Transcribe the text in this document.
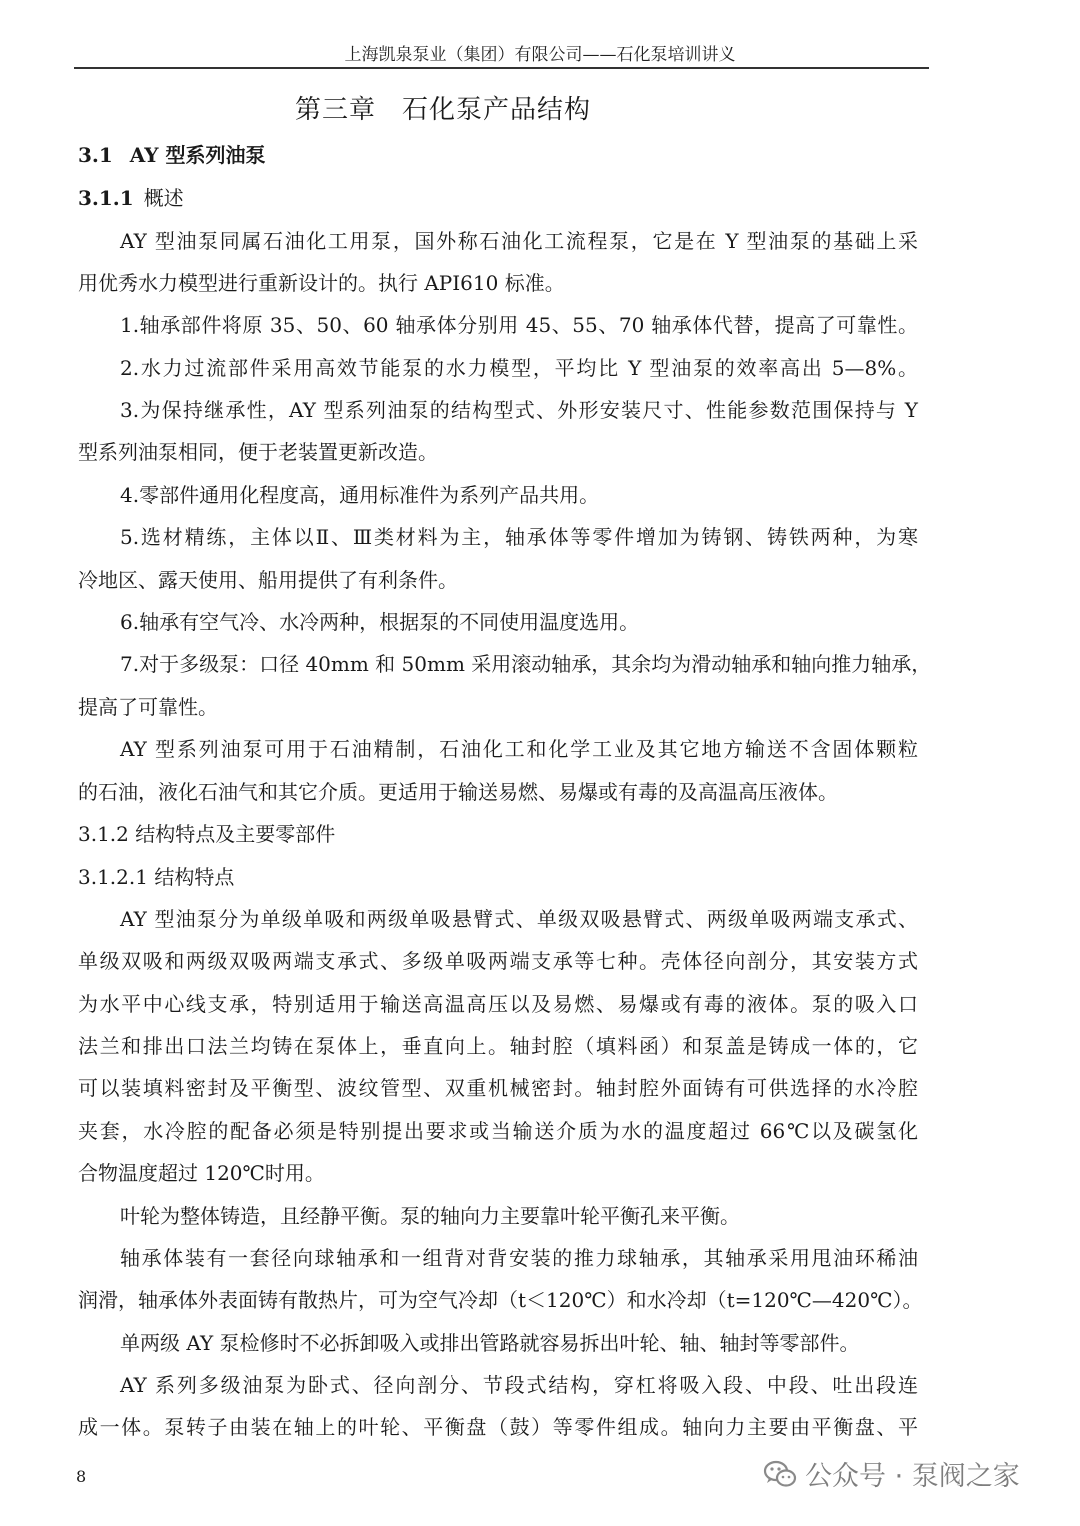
上海凯泉泵业（集团）有限公司——石化泵培训讲义
第三章 石化泵产品结构
3.1 AY 型系列油泵
3.1.1 概述
AY 型油泵同属石油化工用泵，国外称石油化工流程泵，它是在 Y 型油泵的基础上采
用优秀水力模型进行重新设计的。执行 API610 标准。
1.轴承部件将原 35、50、60 轴承体分别用 45、55、70 轴承体代替，提高了可靠性。
2.水力过流部件采用高效节能泵的水力模型，平均比 Y 型油泵的效率高出 5—8%。
3.为保持继承性，AY 型系列油泵的结构型式、外形安装尺寸、性能参数范围保持与 Y
型系列油泵相同，便于老装置更新改造。
4.零部件通用化程度高，通用标准件为系列产品共用。
5.选材精练，主体以Ⅱ、Ⅲ类材料为主，轴承体等零件增加为铸钢、铸铁两种，为寒
冷地区、露天使用、船用提供了有利条件。
6.轴承有空气冷、水冷两种，根据泵的不同使用温度选用。
7.对于多级泵：口径 40mm 和 50mm 采用滚动轴承，其余均为滑动轴承和轴向推力轴承，
提高了可靠性。
AY 型系列油泵可用于石油精制，石油化工和化学工业及其它地方输送不含固体颗粒
的石油，液化石油气和其它介质。更适用于输送易燃、易爆或有毒的及高温高压液体。
3.1.2 结构特点及主要零部件
3.1.2.1 结构特点
AY 型油泵分为单级单吸和两级单吸悬臂式、单级双吸悬臂式、两级单吸两端支承式、
单级双吸和两级双吸两端支承式、多级单吸两端支承等七种。壳体径向剖分，其安装方式
为水平中心线支承，特别适用于输送高温高压以及易燃、易爆或有毒的液体。泵的吸入口
法兰和排出口法兰均铸在泵体上，垂直向上。轴封腔（填料函）和泵盖是铸成一体的，它
可以装填料密封及平衡型、波纹管型、双重机械密封。轴封腔外面铸有可供选择的水冷腔
夹套，水冷腔的配备必须是特别提出要求或当输送介质为水的温度超过 66℃以及碳氢化
合物温度超过 120℃时用。
叶轮为整体铸造，且经静平衡。泵的轴向力主要靠叶轮平衡孔来平衡。
轴承体装有一套径向球轴承和一组背对背安装的推力球轴承，其轴承采用甩油环稀油
润滑，轴承体外表面铸有散热片，可为空气冷却（t＜120℃）和水冷却（t=120℃—420℃）。
单两级 AY 泵检修时不必拆卸吸入或排出管路就容易拆出叶轮、轴、轴封等零部件。
AY 系列多级油泵为卧式、径向剖分、节段式结构，穿杠将吸入段、中段、吐出段连
成一体。泵转子由装在轴上的叶轮、平衡盘（鼓）等零件组成。轴向力主要由平衡盘、平
8	公众号 · 泵阀之家
